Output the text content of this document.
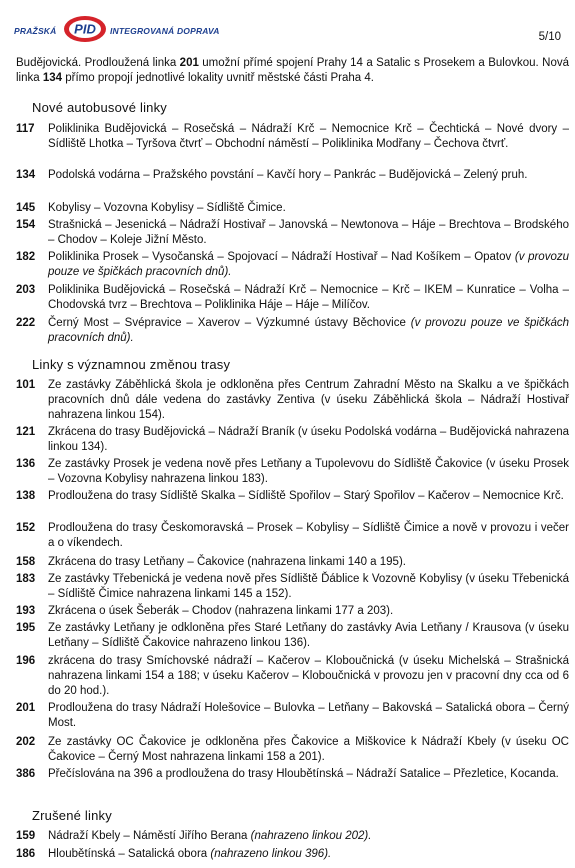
PRAŽSKÁ PID INTEGROVANÁ DOPRAVA	5/10
Budějovická. Prodloužená linka 201 umožní přímé spojení Prahy 14 a Satalic s Prosekem a Bulovkou. Nová linka 134 přímo propojí jednotlivé lokality uvnitř městské části Praha 4.
Nové autobusové linky
117	Poliklinika Budějovická – Rosečská – Nádraží Krč – Nemocnice Krč – Čechtická – Nové dvory – Sídliště Lhotka – Tyršova čtvrť – Obchodní náměstí – Poliklinika Modřany – Čechova čtvrť.
134	Podolská vodárna – Pražského povstání – Kavčí hory – Pankrác – Budějovická – Zelený pruh.
145	Kobylisy – Vozovna Kobylisy – Sídliště Čimice.
154	Strašnická – Jesenická – Nádraží Hostivař – Janovská – Newtonova – Háje – Brechtova – Brodského – Chodov – Koleje Jižní Město.
182	Poliklinika Prosek – Vysočanská – Spojovací – Nádraží Hostivař – Nad Košíkem – Opatov (v provozu pouze ve špičkách pracovních dnů).
203	Poliklinika Budějovická – Rosečská – Nádraží Krč – Nemocnice – Krč – IKEM – Kunratice – Volha – Chodovská tvrz – Brechtova – Poliklinika Háje – Háje – Milíčov.
222	Černý Most – Svépravice – Xaverov – Výzkumné ústavy Běchovice (v provozu pouze ve špičkách pracovních dnů).
Linky s významnou změnou trasy
101	Ze zastávky Záběhlická škola je odkloněna přes Centrum Zahradní Město na Skalku a ve špičkách pracovních dnů dále vedena do zastávky Zentiva (v úseku Záběhlická škola – Nádraží Hostivař nahrazena linkou 154).
121	Zkrácena do trasy Budějovická – Nádraží Braník (v úseku Podolská vodárna – Budějovická nahrazena linkou 134).
136	Ze zastávky Prosek je vedena nově přes Letňany a Tupolevovu do Sídliště Čakovice (v úseku Prosek – Vozovna Kobylisy nahrazena linkou 183).
138	Prodloužena do trasy Sídliště Skalka – Sídliště Spořilov – Starý Spořilov – Kačerov – Nemocnice Krč.
152	Prodloužena do trasy Českomoravská – Prosek – Kobylisy – Sídliště Čimice a nově v provozu i večer a o víkendech.
158	Zkrácena do trasy Letňany – Čakovice (nahrazena linkami 140 a 195).
183	Ze zastávky Třebenická je vedena nově přes Sídliště Ďáblice k Vozovně Kobylisy (v úseku Třebenická – Sídliště Čimice nahrazena linkami 145 a 152).
193	Zkrácena o úsek Šeberák – Chodov (nahrazena linkami 177 a 203).
195	Ze zastávky Letňany je odkloněna přes Staré Letňany do zastávky Avia Letňany / Krausova (v úseku Letňany – Sídliště Čakovice nahrazeno linkou 136).
196	zkrácena do trasy Smíchovské nádraží – Kačerov – Kloboučnická (v úseku Michelská – Strašnická nahrazena linkami 154 a 188; v úseku Kačerov – Kloboučnická v provozu jen v pracovní dny cca od 6 do 20 hod.).
201	Prodloužena do trasy Nádraží Holešovice – Bulovka – Letňany – Bakovská – Satalická obora – Černý Most.
202	Ze zastávky OC Čakovice je odkloněna přes Čakovice a Miškovice k Nádraží Kbely (v úseku OC Čakovice – Černý Most nahrazena linkami 158 a 201).
386	Přečíslována na 396 a prodloužena do trasy Hloubětínská – Nádraží Satalice – Přezletice, Kocanda.
Zrušené linky
159	Nádraží Kbely – Náměstí Jiřího Berana (nahrazeno linkou 202).
186	Hloubětínská – Satalická obora (nahrazeno linkou 396).
